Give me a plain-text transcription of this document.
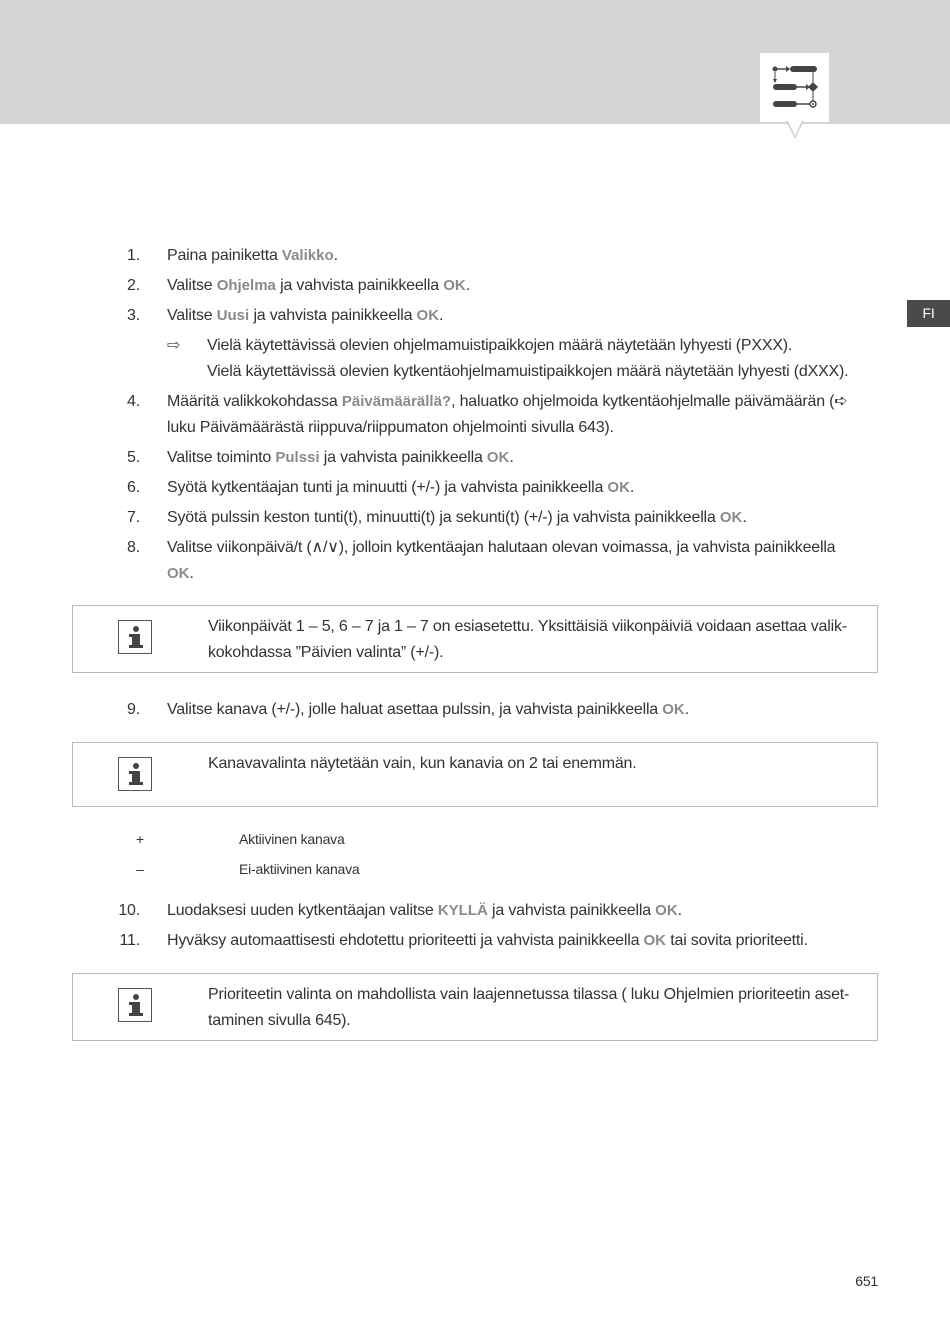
FI
1. Paina painiketta Valikko.
2. Valitse Ohjelma ja vahvista painikkeella OK.
3. Valitse Uusi ja vahvista painikkeella OK.
⇨ Vielä käytettävissä olevien ohjelmamuistipaikkojen määrä näytetään lyhyesti (PXXX).
Vielä käytettävissä olevien kytkentäohjelmamuistipaikkojen määrä näytetään lyhyesti (dXXX).
4. Määritä valikkokohdassa Päivämäärällä?, haluatko ohjelmoida kytkentäohjelmalle päivämäärän (➪
luku Päivämäärästä riippuva/riippumaton ohjelmointi sivulla 643).
5. Valitse toiminto Pulssi ja vahvista painikkeella OK.
6. Syötä kytkentäajan tunti ja minuutti (+/-) ja vahvista painikkeella OK.
7. Syötä pulssin keston tunti(t), minuutti(t) ja sekunti(t) (+/-) ja vahvista painikkeella OK.
8. Valitse viikonpäivä/t (∧/∨), jolloin kytkentäajan halutaan olevan voimassa, ja vahvista painikkeella
OK.
Viikonpäivät 1 – 5, 6 – 7 ja 1 – 7 on esiasetettu. Yksittäisiä viikonpäiviä voidaan asettaa valik-
kokohdassa ”Päivien valinta” (+/-).
9. Valitse kanava (+/-), jolle haluat asettaa pulssin, ja vahvista painikkeella OK.
Kanavavalinta näytetään vain, kun kanavia on 2 tai enemmän.
+	Aktiivinen kanava
–	Ei-aktiivinen kanava
10. Luodaksesi uuden kytkentäajan valitse KYLLÄ ja vahvista painikkeella OK.
11. Hyväksy automaattisesti ehdotettu prioriteetti ja vahvista painikkeella OK tai sovita prioriteetti.
Prioriteetin valinta on mahdollista vain laajennetussa tilassa ( luku Ohjelmien prioriteetin aset-
taminen sivulla 645).
651
